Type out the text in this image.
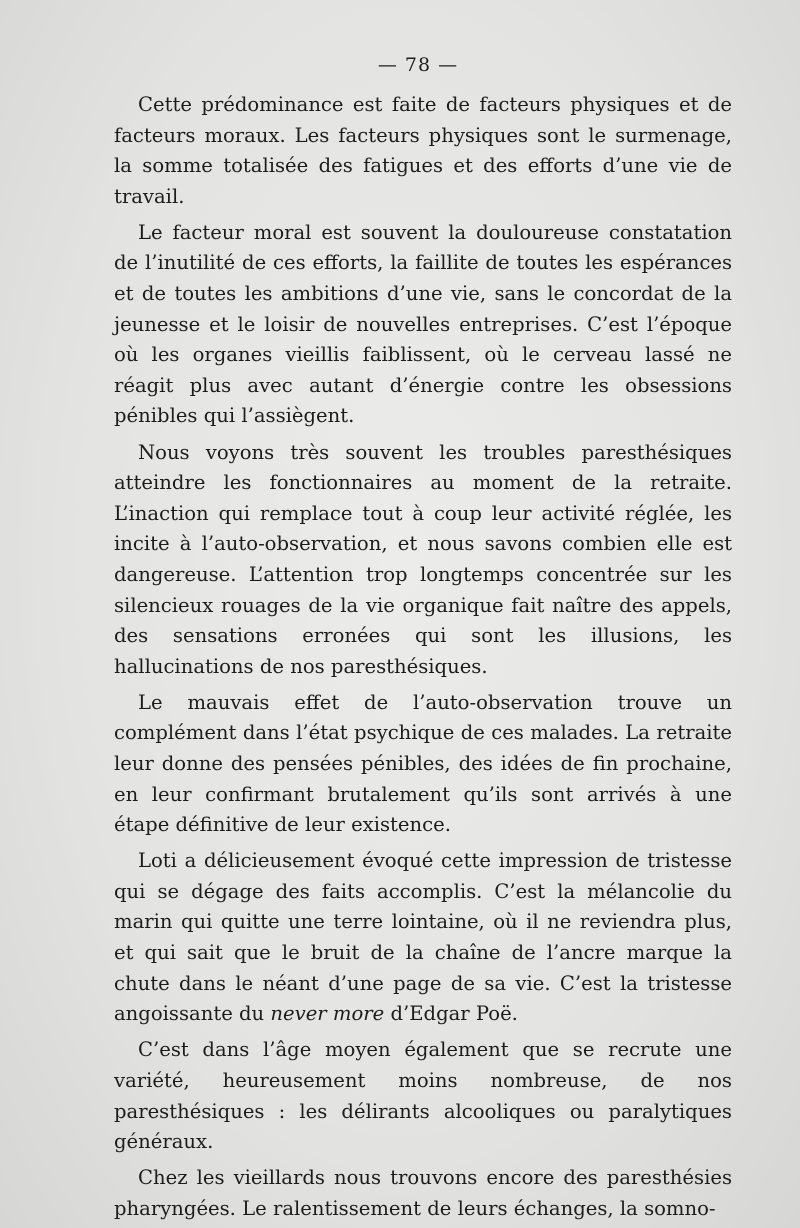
— 78 —

Cette prédominance est faite de facteurs physiques et de facteurs moraux. Les facteurs physiques sont le surmenage, la somme totalisée des fatigues et des efforts d’une vie de travail.

Le facteur moral est souvent la douloureuse constatation de l’inutilité de ces efforts, la faillite de toutes les espérances et de toutes les ambitions d’une vie, sans le concordat de la jeunesse et le loisir de nouvelles entreprises. C’est l’époque où les organes vieillis faiblissent, où le cerveau lassé ne réagit plus avec autant d’énergie contre les obsessions pénibles qui l’assiègent.

Nous voyons très souvent les troubles paresthésiques atteindre les fonctionnaires au moment de la retraite. L’inaction qui remplace tout à coup leur activité réglée, les incite à l’auto-observation, et nous savons combien elle est dangereuse. L’attention trop longtemps concentrée sur les silencieux rouages de la vie organique fait naître des appels, des sensations erronées qui sont les illusions, les hallucinations de nos paresthésiques.

Le mauvais effet de l’auto-observation trouve un complément dans l’état psychique de ces malades. La retraite leur donne des pensées pénibles, des idées de fin prochaine, en leur confirmant brutalement qu’ils sont arrivés à une étape définitive de leur existence.

Loti a délicieusement évoqué cette impression de tristesse qui se dégage des faits accomplis. C’est la mélancolie du marin qui quitte une terre lointaine, où il ne reviendra plus, et qui sait que le bruit de la chaîne de l’ancre marque la chute dans le néant d’une page de sa vie. C’est la tristesse angoissante du never more d’Edgar Poë.

C’est dans l’âge moyen également que se recrute une variété, heureusement moins nombreuse, de nos paresthésiques : les délirants alcooliques ou paralytiques généraux.

Chez les vieillards nous trouvons encore des paresthésies pharyngées. Le ralentissement de leurs échanges, la somno-
